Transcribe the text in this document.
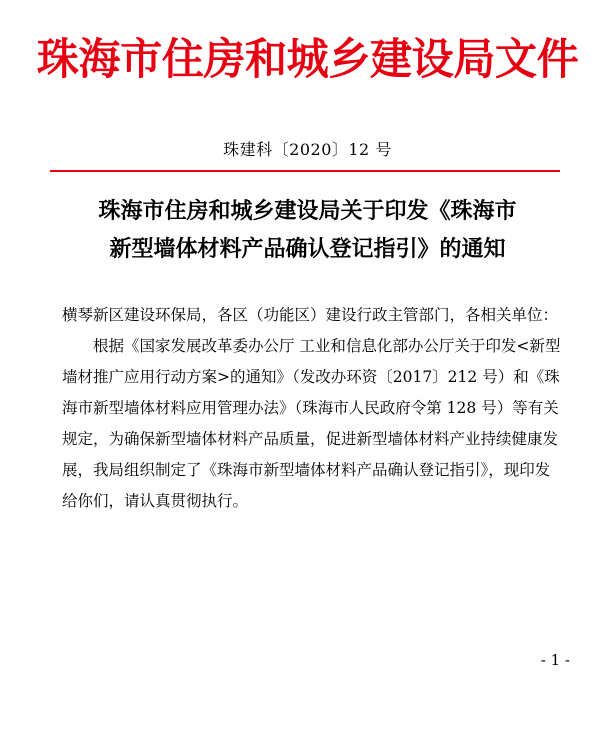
珠海市住房和城乡建设局文件
珠建科〔2020〕12 号
珠海市住房和城乡建设局关于印发《珠海市
新型墙体材料产品确认登记指引》的通知

横琴新区建设环保局，各区（功能区）建设行政主管部门，各相关单位：

根据《国家发展改革委办公厅 工业和信息化部办公厅关于印发<新型墙材推广应用行动方案>的通知》（发改办环资〔2017〕212 号）和《珠海市新型墙体材料应用管理办法》（珠海市人民政府令第 128 号）等有关规定，为确保新型墙体材料产品质量，促进新型墙体材料产业持续健康发展，我局组织制定了《珠海市新型墙体材料产品确认登记指引》，现印发给你们，请认真贯彻执行。

- 1 -
